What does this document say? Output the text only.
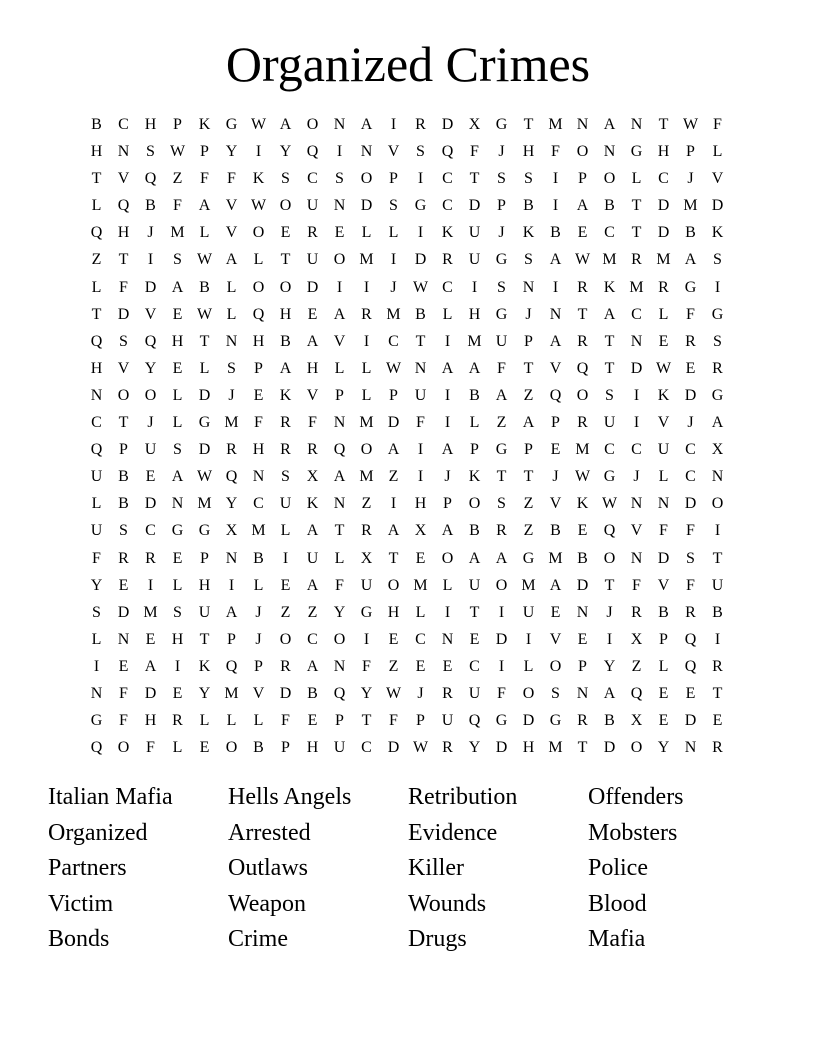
Organized Crimes
B	C H	P	K G W A O N A	I	R D X G	T M N A N	T W F
H N	S W P	Y	I	Y Q	I	N V	S	Q	F	J	H	F	O N G H	P	L
T	V Q	Z	F	F	K	S	C	S	O	P	I	C	T	S	S	I	P	O	L	C	J	V
L	Q B	F	A V W O U N D	S	G C D	P	B	I	A B	T	D M D
Q H	J	M L	V O	E	R	E	L	L	I	K U	J	K B	E	C	T	D B K
Z	T	I	S W A	L	T	U O M	I	D R U G	S	A W M R M A	S
L	F	D A B	L	O O D	I	I	J	W C	I	S	N	I	R K M R G	I
T	D V	E W L	Q H	E	A R M B	L	H G	J	N	T	A C	L	F	G
Q	S	Q H	T	N H B A V	I	C	T	I	M U	P	A R	T	N	E	R	S
H V Y	E	L	S	P	A H	L	L W N A A	F	T	V Q	T	D W E	R
N O O	L	D	J	E	K V	P	L	P	U	I	B A	Z	Q O	S	I	K D G
C	T	J	L	G M F	R	F	N M D	F	I	L	Z	A	P	R U	I	V	J	A
Q	P	U	S	D R H R	R Q O A	I	A	P	G	P	E M C	C U C X
U B	E	A W Q N	S	X A M Z	I	J	K	T	T	J	W G	J	L	C N
L	B D N M Y C U K N	Z	I	H	P	O	S	Z	V K W N N D O
U	S	C G G X M L	A	T	R A X A B	R	Z	B	E	Q V	F	F	I
F	R	R	E	P	N B	I	U	L	X	T	E	O A A G M B O N D	S	T
Y	E	I	L	H	I	L	E	A	F	U O M L	U O M A D	T	F	V	F	U
S	D M S	U A	J	Z	Z	Y G H	L	I	T	I	U	E	N	J	R	B	R	B
L	N	E	H	T	P	J	O C O	I	E	C N	E	D	I	V	E	I	X	P	Q	I
I	E	A	I	K Q	P	R A N	F	Z	E	E	C	I	L	O	P	Y	Z	L	Q R
N	F	D	E	Y M V D B Q Y W	J	R U	F	O	S	N A Q	E	E	T
G	F	H R	L	L	L	F	E	P	T	F	P	U Q G D G R	B X	E	D	E
Q O	F	L	E	O B	P	H U C D W R Y D H M T	D O Y N R
Italian Mafia	Hells Angels	Retribution	Offenders
Organized	Arrested	Evidence	Mobsters
Partners	Outlaws	Killer	Police
Victim	Weapon	Wounds	Blood
Bonds	Crime	Drugs	Mafia
